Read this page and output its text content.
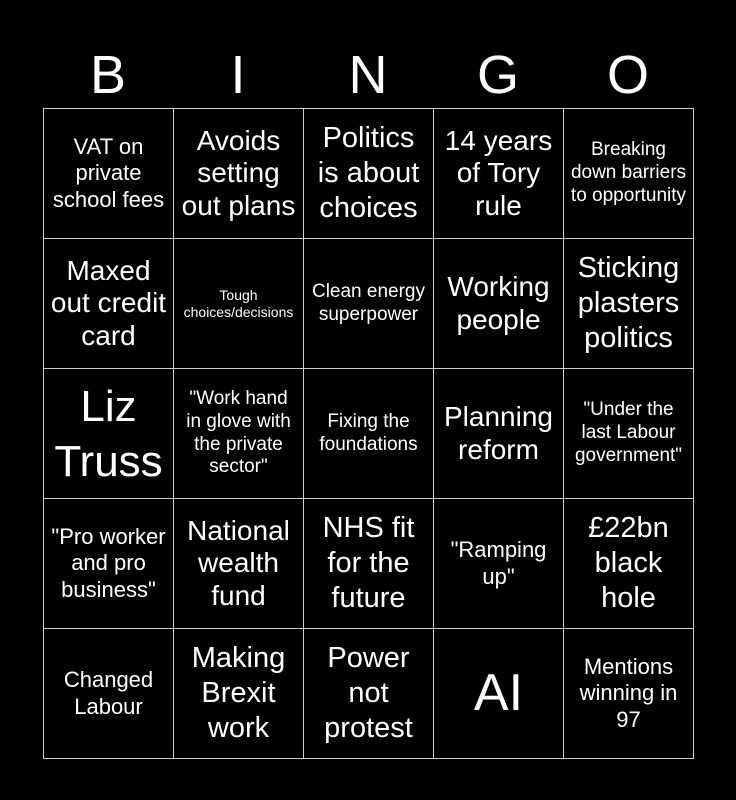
B	I	N	G	O
VAT on private school fees
Avoids setting out plans
Politics is about choices
14 years of Tory rule
Breaking down barriers to opportunity
Maxed out credit card
Tough choices/decisions
Clean energy superpower
Working people
Sticking plasters politics
Liz Truss
"Work hand in glove with the private sector"
Fixing the foundations
Planning reform
"Under the last Labour government"
"Pro worker and pro business"
National wealth fund
NHS fit for the future
"Ramping up"
£22bn black hole
Changed Labour
Making Brexit work
Power not protest
AI	Mentions winning in 97
